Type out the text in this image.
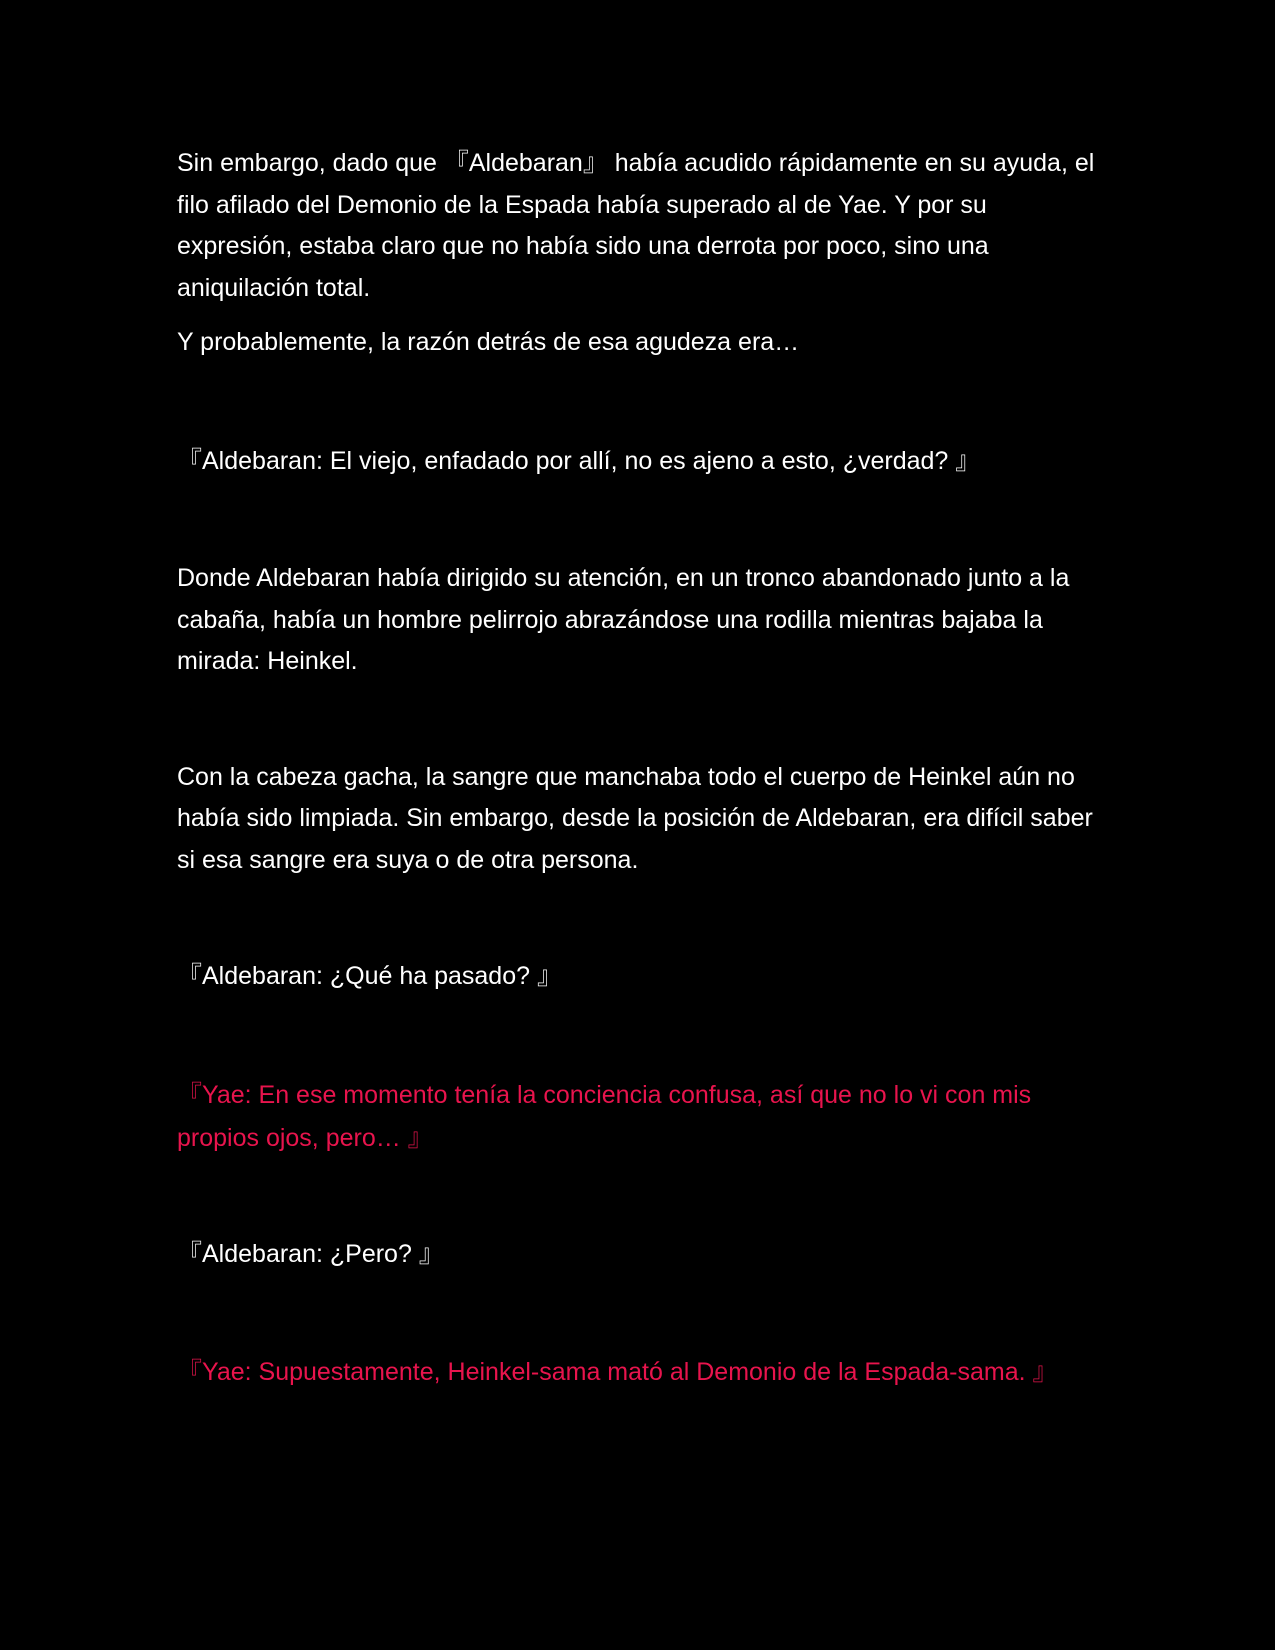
Sin embargo, dado que 『Aldebaran』 había acudido rápidamente en su ayuda, el filo afilado del Demonio de la Espada había superado al de Yae. Y por su expresión, estaba claro que no había sido una derrota por poco, sino una aniquilación total.

Y probablemente, la razón detrás de esa agudeza era…

『Aldebaran: El viejo, enfadado por allí, no es ajeno a esto, ¿verdad? 』

Donde Aldebaran había dirigido su atención, en un tronco abandonado junto a la cabaña, había un hombre pelirrojo abrazándose una rodilla mientras bajaba la mirada: Heinkel.

Con la cabeza gacha, la sangre que manchaba todo el cuerpo de Heinkel aún no había sido limpiada. Sin embargo, desde la posición de Aldebaran, era difícil saber si esa sangre era suya o de otra persona.

『Aldebaran: ¿Qué ha pasado? 』

『Yae: En ese momento tenía la conciencia confusa, así que no lo vi con mis propios ojos, pero… 』

『Aldebaran: ¿Pero? 』

『Yae: Supuestamente, Heinkel-sama mató al Demonio de la Espada-sama. 』
